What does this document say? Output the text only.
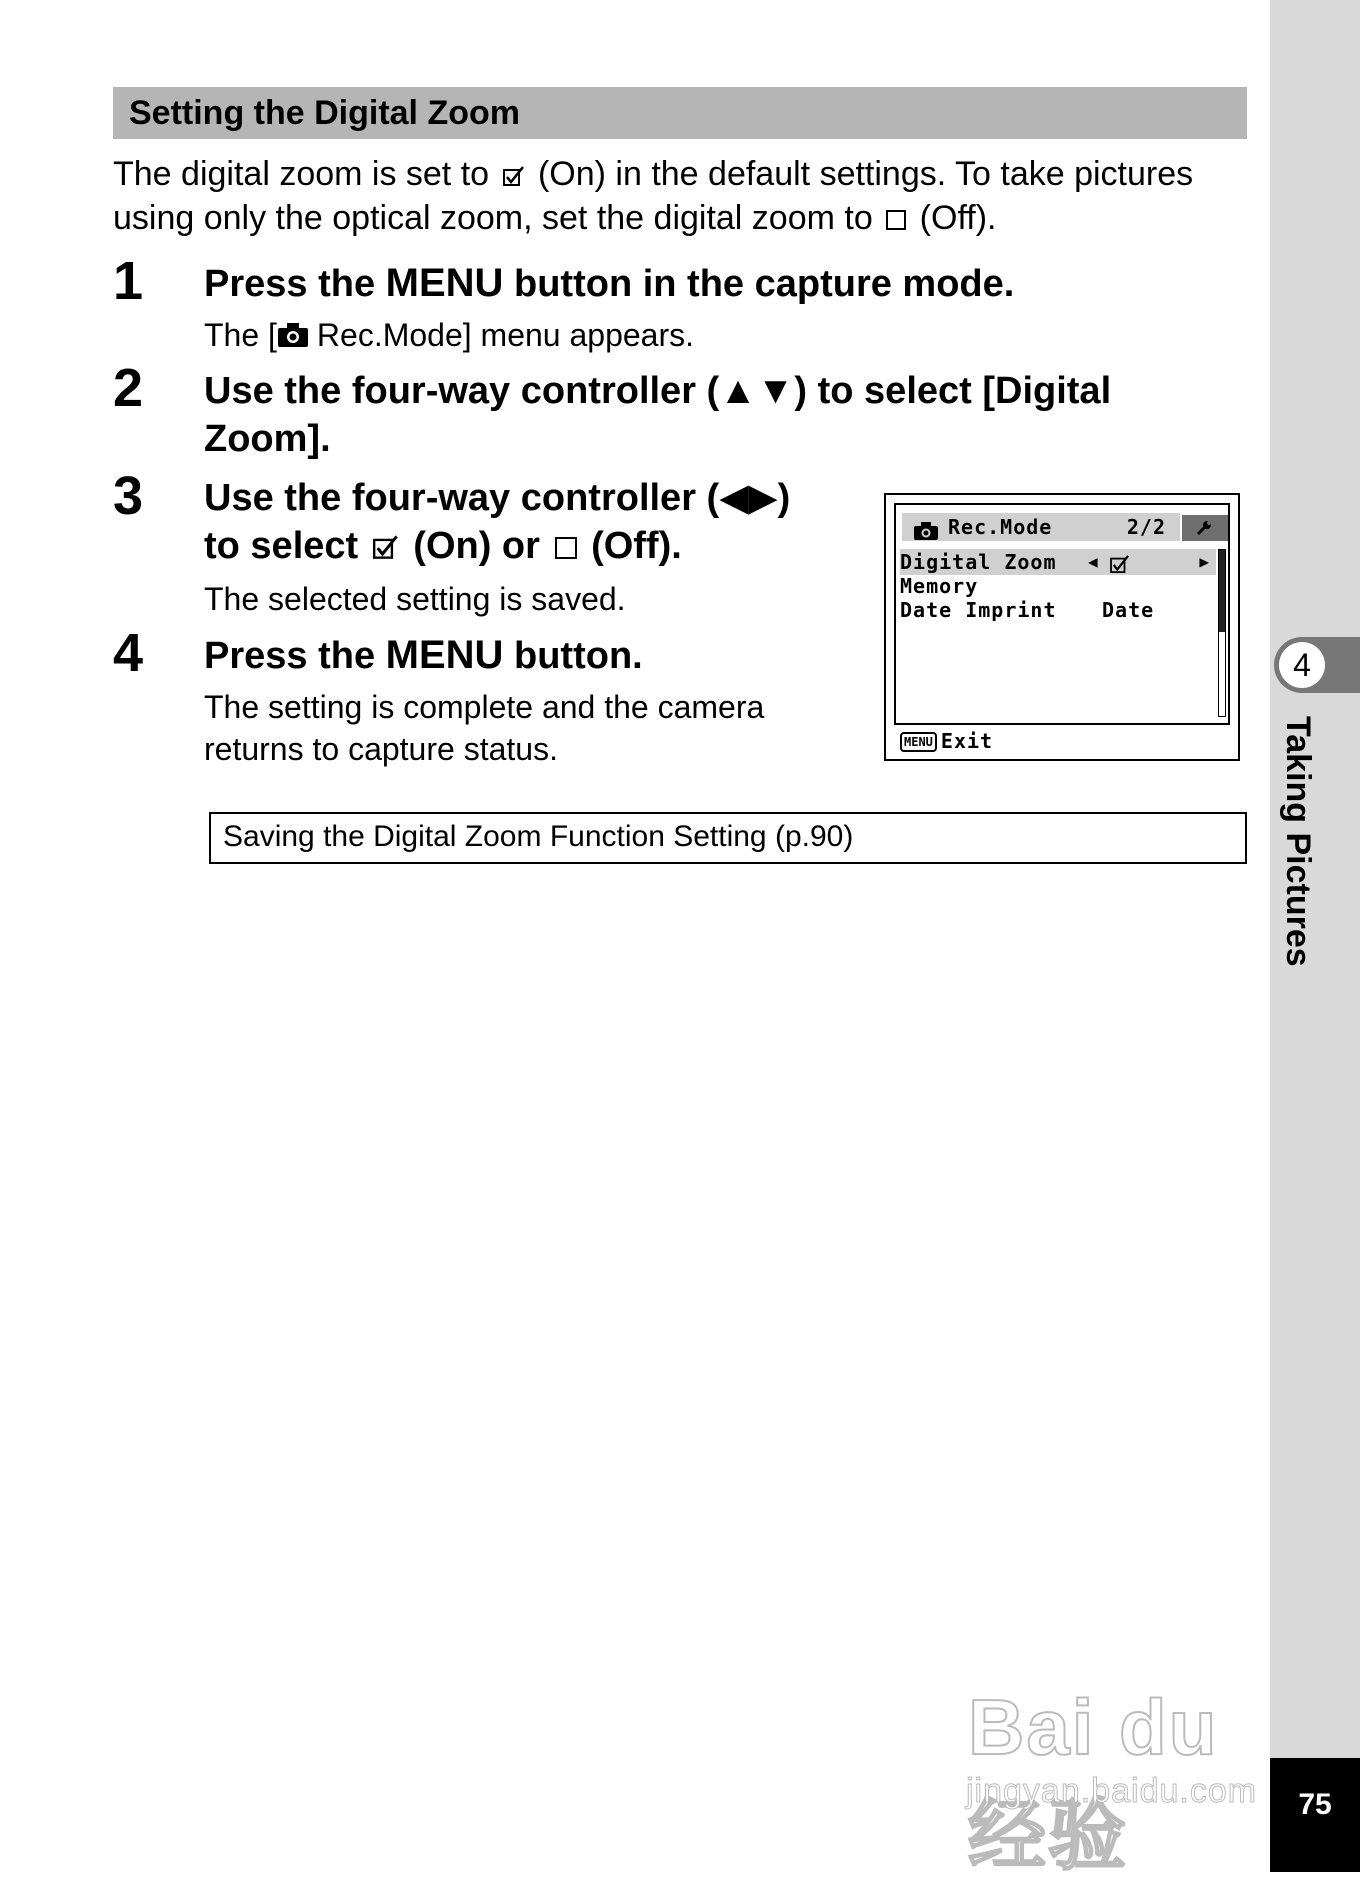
Setting the Digital Zoom
The digital zoom is set to (On) in the default settings. To take pictures
using only the optical zoom, set the digital zoom to (Off).
1 Press the MENU button in the capture mode.
The [ Rec.Mode] menu appears.
2 Use the four-way controller (▲▼) to select [Digital
Zoom].
3 Use the four-way controller (◀▶)
to select (On) or (Off).
The selected setting is saved.
4 Press the MENU button.
The setting is complete and the camera
returns to capture status.
Rec.Mode	2/2
Digital Zoom ◀	▶
Memory
Date Imprint Date
MENU Exit
Saving the Digital Zoom Function Setting (p.90)
Bai du 经验
jingyan.baidu.com
4
Taking Pictures
75
